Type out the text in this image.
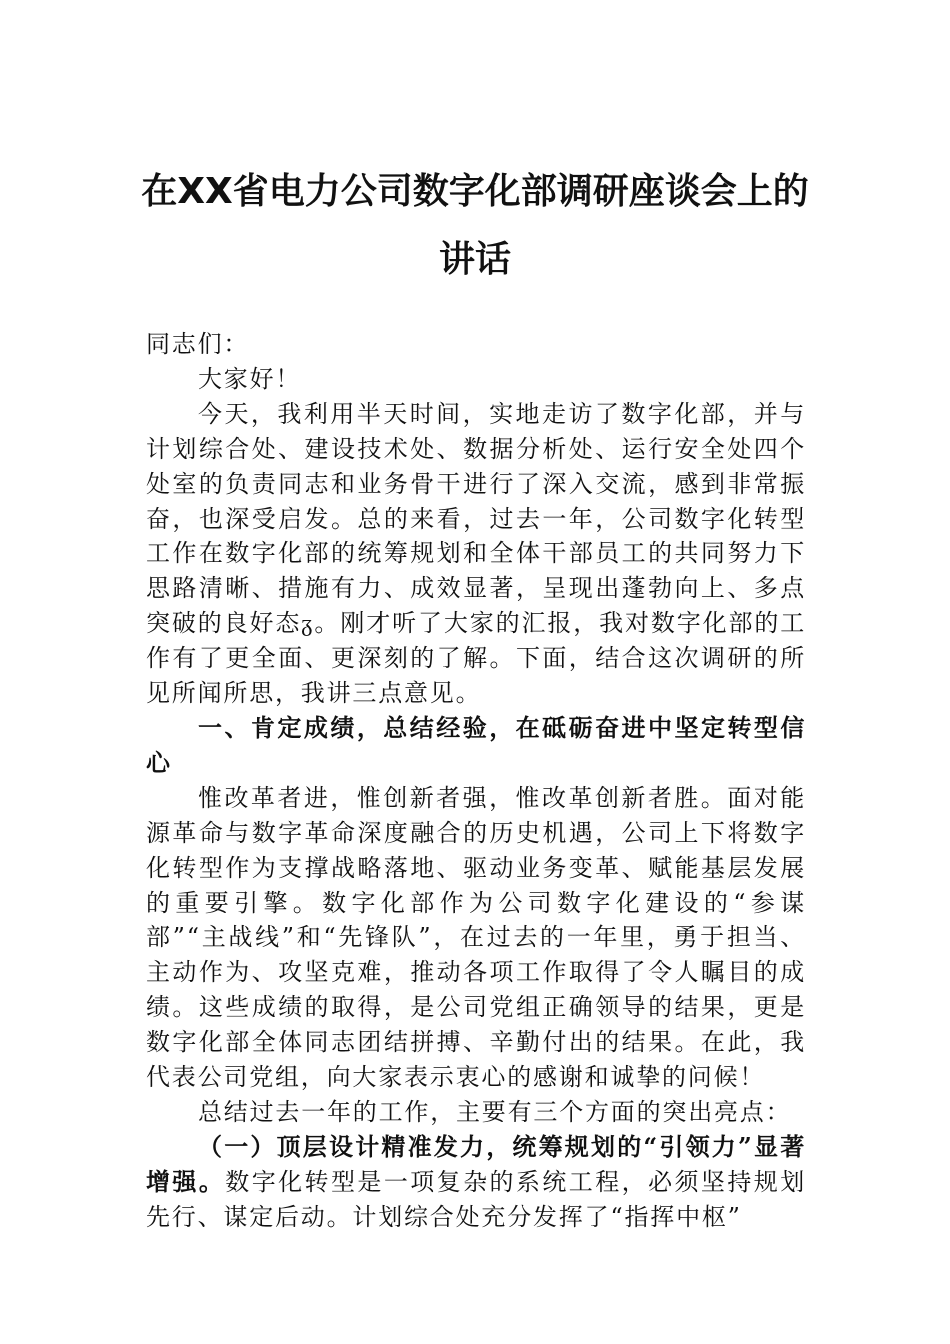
在XX省电力公司数字化部调研座谈会上的
讲话

同志们：

大家好！

今天，我利用半天时间，实地走访了数字化部，并与计划综合处、建设技术处、数据分析处、运行安全处四个处室的负责同志和业务骨干进行了深入交流，感到非常振奋，也深受启发。总的来看，过去一年，公司数字化转型工作在数字化部的统筹规划和全体干部员工的共同努力下思路清晰、措施有力、成效显著，呈现出蓬勃向上、多点突破的良好态ᵹ。刚才听了大家的汇报，我对数字化部的工作有了更全面、更深刻的了解。下面，结合这次调研的所见所闻所思，我讲三点意见。

一、肯定成绩，总结经验，在砥砺奋进中坚定转型信心

惟改革者进，惟创新者强，惟改革创新者胜。面对能源革命与数字革命深度融合的历史机遇，公司上下将数字化转型作为支撑战略落地、驱动业务变革、赋能基层发展的重要引擎。数字化部作为公司数字化建设的“参谋部”“主战线”和“先锋队”，在过去的一年里，勇于担当、主动作为、攻坚克难，推动各项工作取得了令人瞩目的成绩。这些成绩的取得，是公司党组正确领导的结果，更是数字化部全体同志团结拼搏、辛勤付出的结果。在此，我代表公司党组，向大家表示衷心的感谢和诚挚的问候！

总结过去一年的工作，主要有三个方面的突出亮点：

（一）顶层设计精准发力，统筹规划的“引领力”显著增强。数字化转型是一项复杂的系统工程，必须坚持规划先行、谋定后动。计划综合处充分发挥了“指挥中枢”
